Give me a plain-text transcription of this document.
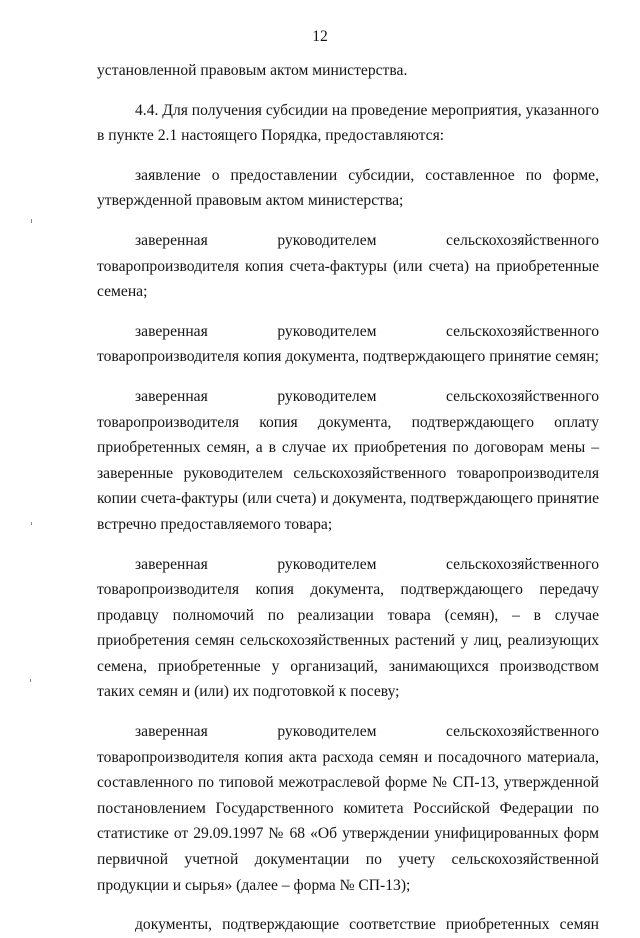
12

установленной правовым актом министерства.

4.4. Для получения субсидии на проведение мероприятия, указанного в пункте 2.1 настоящего Порядка, предоставляются:

заявление о предоставлении субсидии, составленное по форме, утвержденной правовым актом министерства;

заверенная руководителем сельскохозяйственного товаропроизводителя копия счета-фактуры (или счета) на приобретенные семена;

заверенная руководителем сельскохозяйственного товаропроизводителя копия документа, подтверждающего принятие семян;

заверенная руководителем сельскохозяйственного товаропроизводителя копия документа, подтверждающего оплату приобретенных семян, а в случае их приобретения по договорам мены – заверенные руководителем сельскохозяйственного товаропроизводителя копии счета-фактуры (или счета) и документа, подтверждающего принятие встречно предоставляемого товара;

заверенная руководителем сельскохозяйственного товаропроизводителя копия документа, подтверждающего передачу продавцу полномочий по реализации товара (семян), – в случае приобретения семян сельскохозяйственных растений у лиц, реализующих семена, приобретенные у организаций, занимающихся производством таких семян и (или) их подготовкой к посеву;

заверенная руководителем сельскохозяйственного товаропроизводителя копия акта расхода семян и посадочного материала, составленного по типовой межотраслевой форме № СП-13, утвержденной постановлением Государственного комитета Российской Федерации по статистике от 29.09.1997 № 68 «Об утверждении унифицированных форм первичной учетной документации по учету сельскохозяйственной продукции и сырья» (далее – форма № СП-13);

документы, подтверждающие соответствие приобретенных семян
